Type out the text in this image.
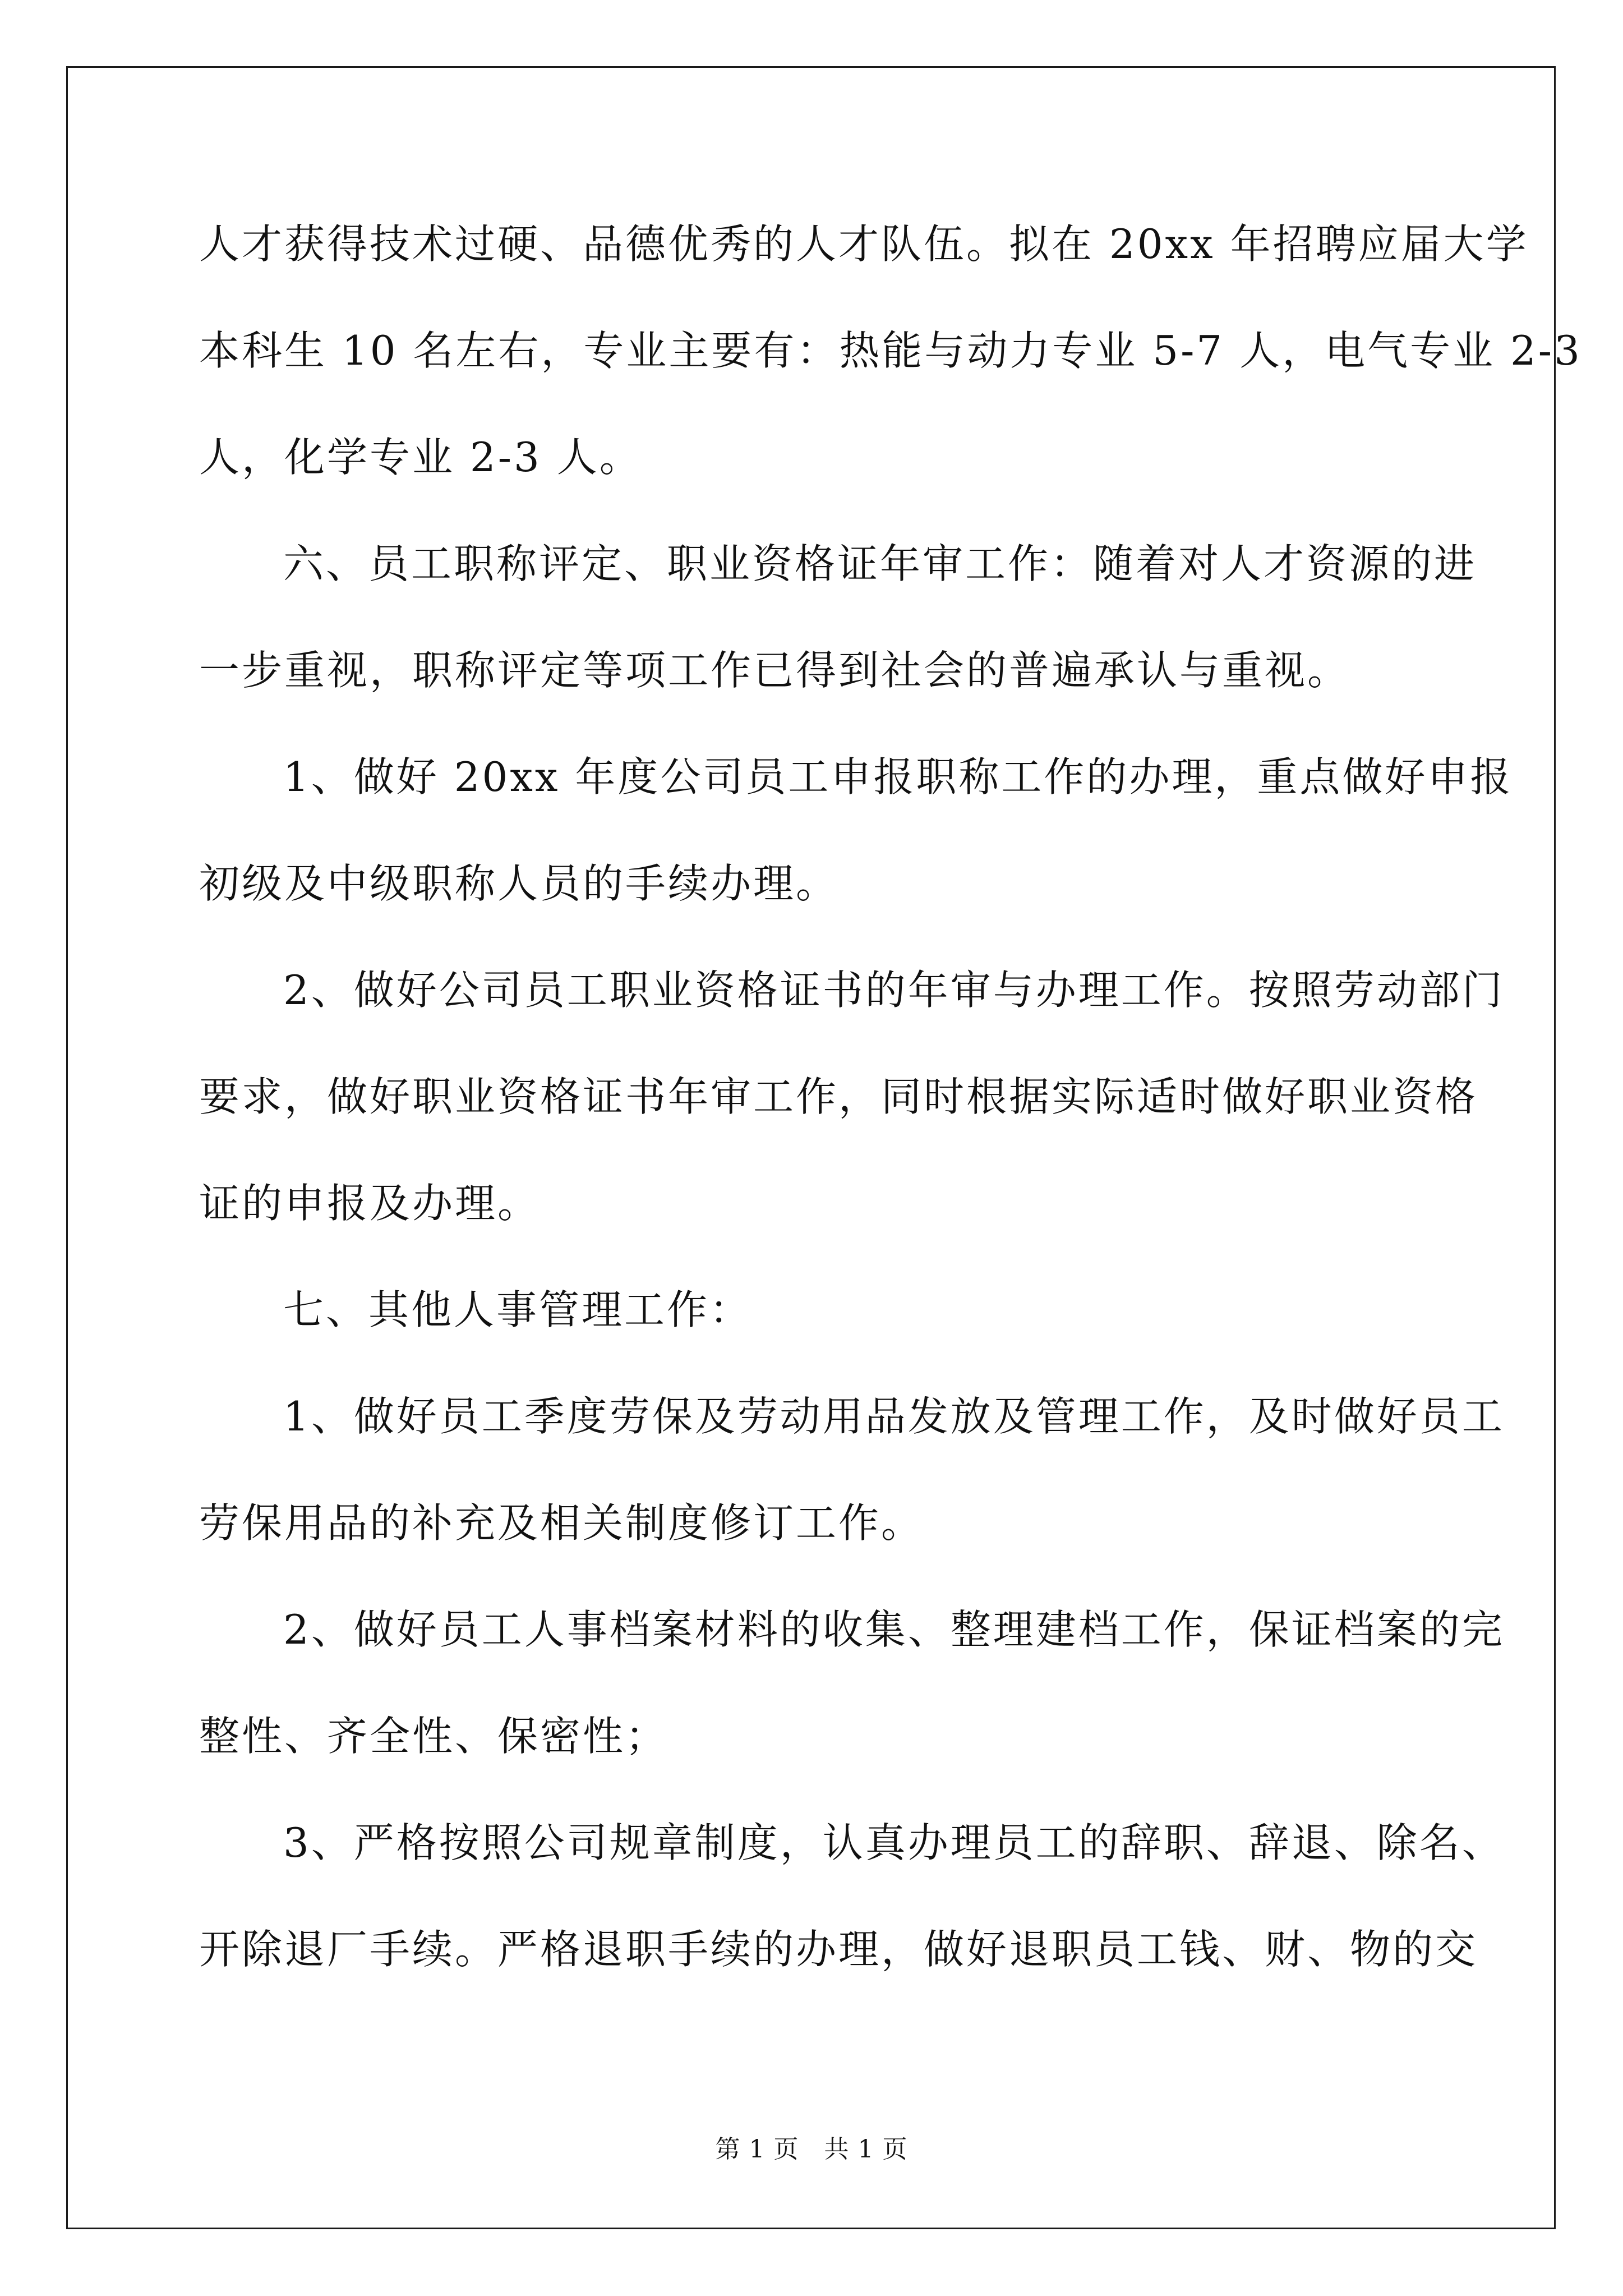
人才获得技术过硬、品德优秀的人才队伍。拟在 20xx 年招聘应届大学
本科生 10 名左右，专业主要有：热能与动力专业 5-7 人，电气专业 2-3
人，化学专业 2-3 人。
六、员工职称评定、职业资格证年审工作：随着对人才资源的进
一步重视，职称评定等项工作已得到社会的普遍承认与重视。
1、做好 20xx 年度公司员工申报职称工作的办理，重点做好申报
初级及中级职称人员的手续办理。
2、做好公司员工职业资格证书的年审与办理工作。按照劳动部门
要求，做好职业资格证书年审工作，同时根据实际适时做好职业资格
证的申报及办理。
七、其他人事管理工作：
1、做好员工季度劳保及劳动用品发放及管理工作，及时做好员工
劳保用品的补充及相关制度修订工作。
2、做好员工人事档案材料的收集、整理建档工作，保证档案的完
整性、齐全性、保密性；
3、严格按照公司规章制度，认真办理员工的辞职、辞退、除名、
开除退厂手续。严格退职手续的办理，做好退职员工钱、财、物的交
第 1 页   共 1 页
